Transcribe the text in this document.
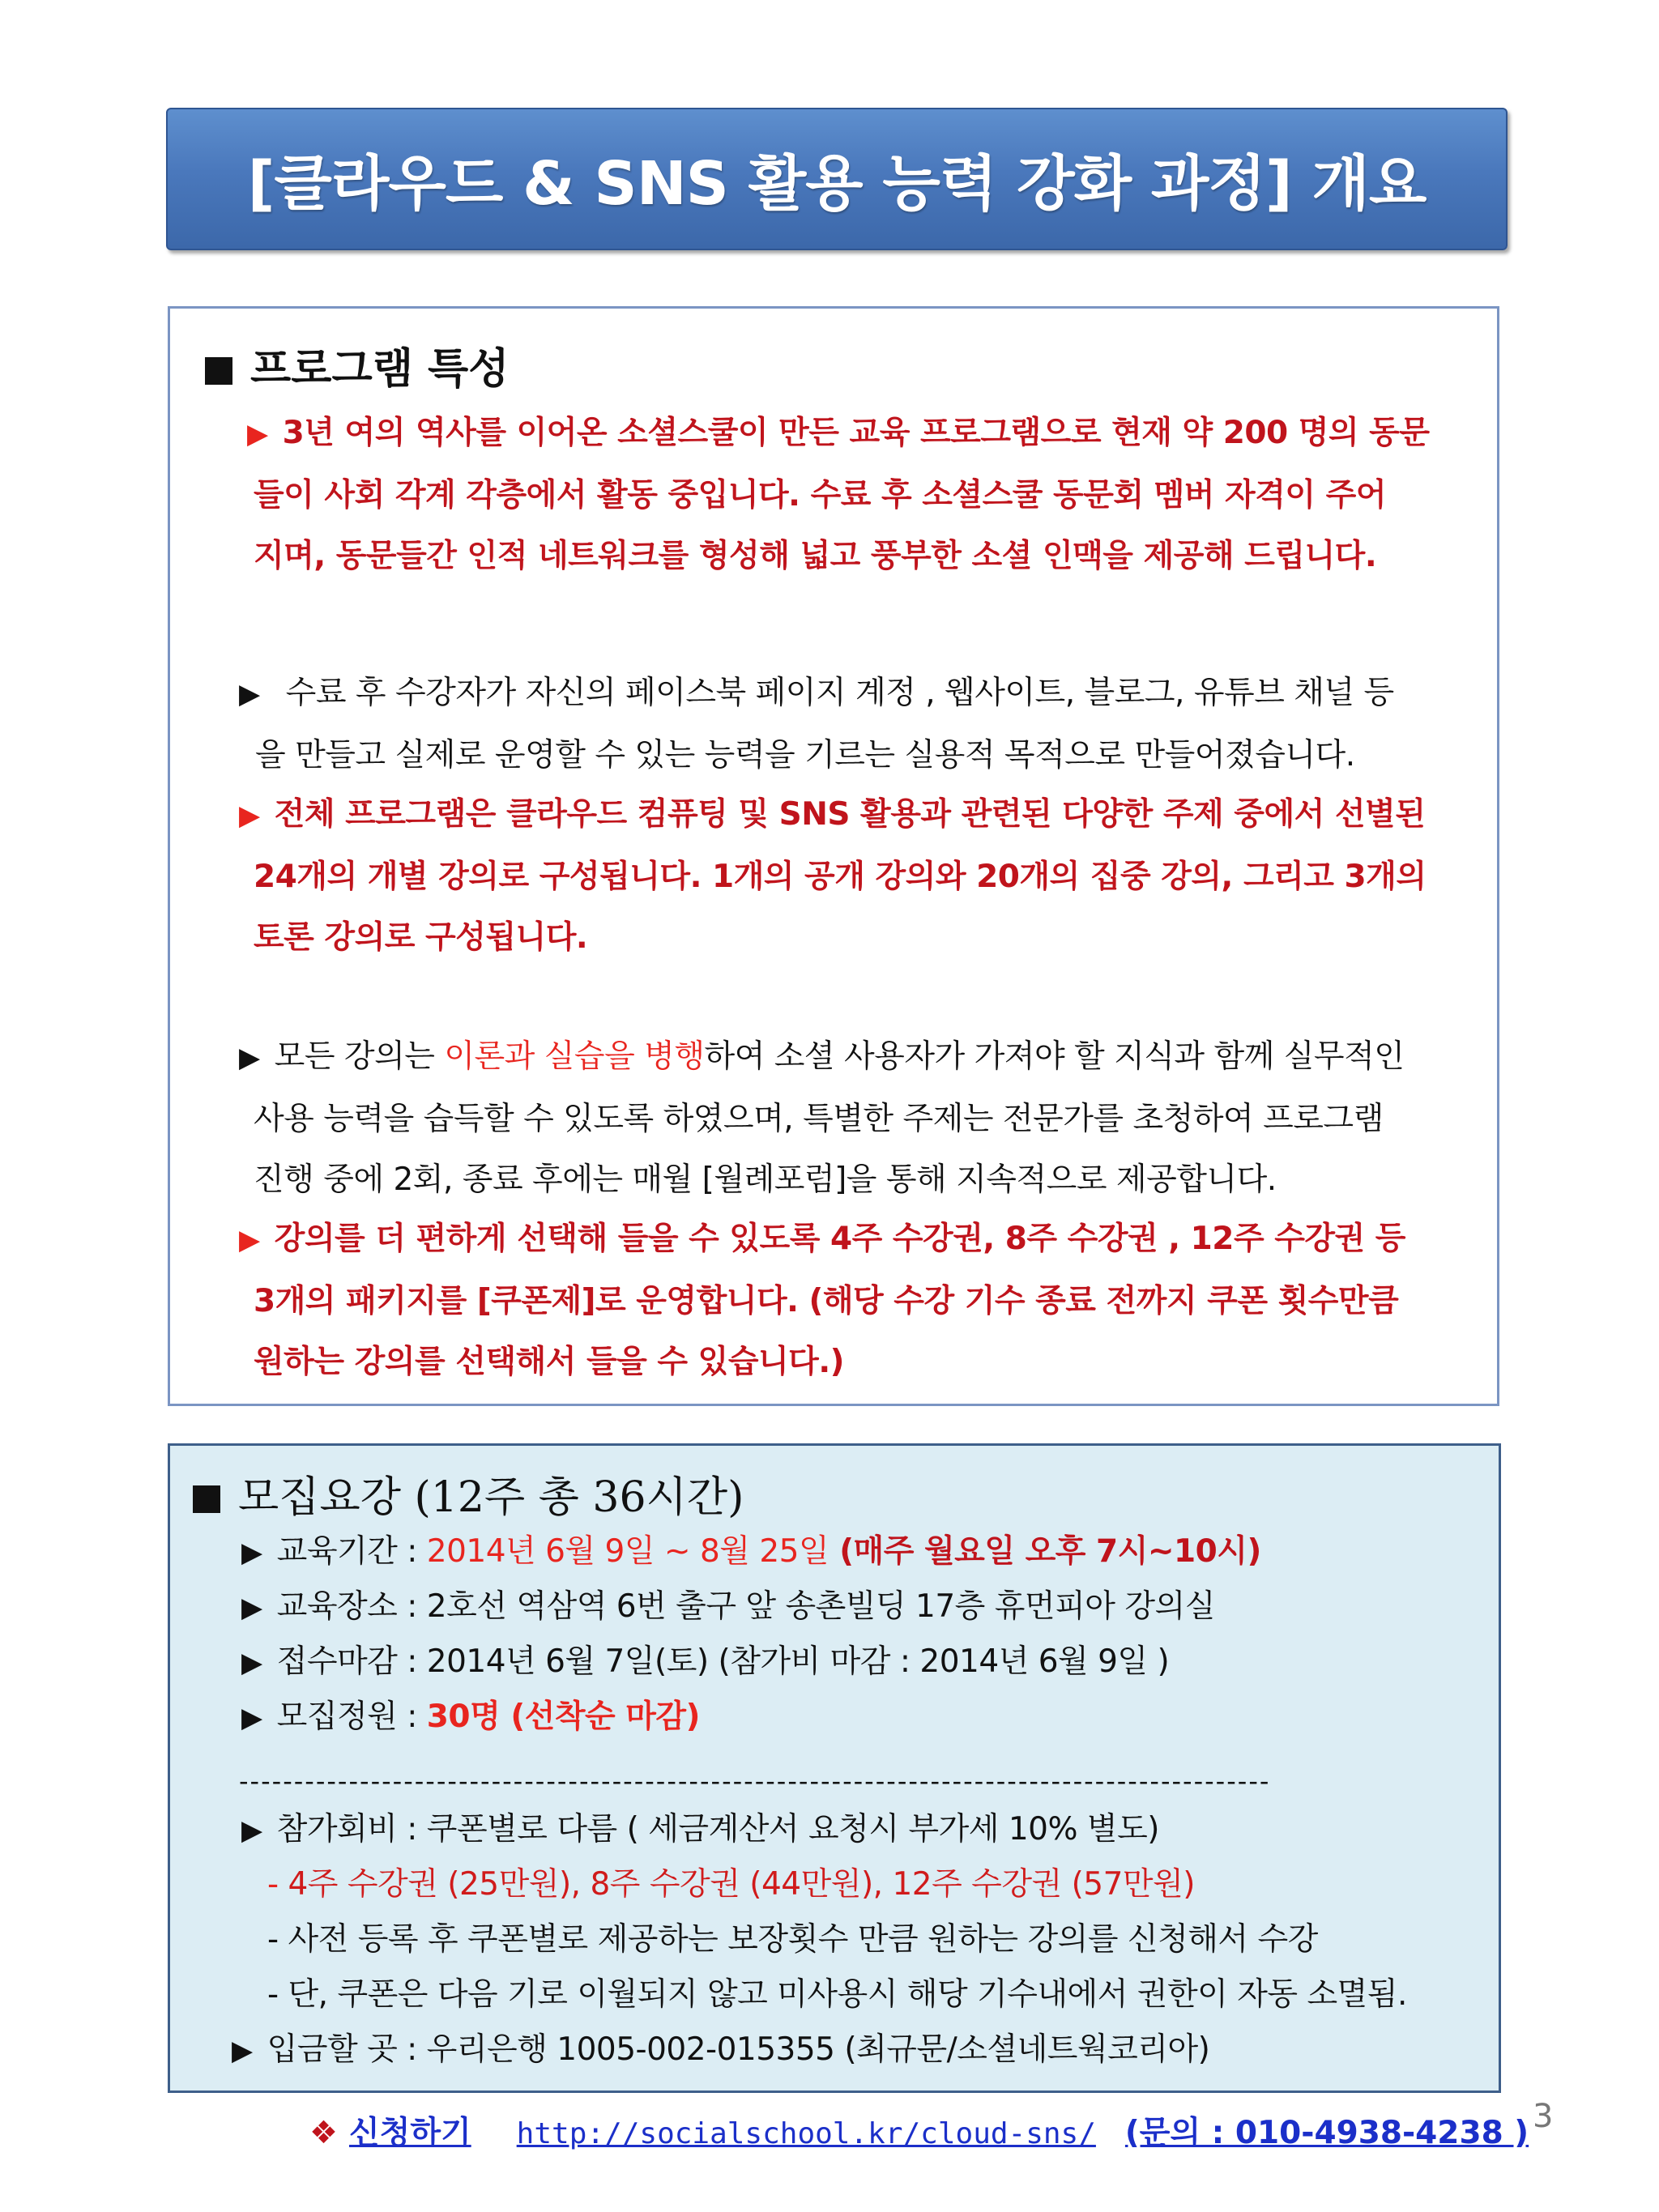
[클라우드 & SNS 활용 능력 강화 과정] 개요
프로그램 특성
▶ 3년 여의 역사를 이어온 소셜스쿨이 만든 교육 프로그램으로 현재 약 200 명의 동문
들이 사회 각계 각층에서 활동 중입니다. 수료 후 소셜스쿨 동문회 멤버 자격이 주어
지며, 동문들간 인적 네트워크를 형성해 넓고 풍부한 소셜 인맥을 제공해 드립니다.
▶ 수료 후 수강자가 자신의 페이스북 페이지 계정 , 웹사이트, 블로그, 유튜브 채널 등
을 만들고 실제로 운영할 수 있는 능력을 기르는 실용적 목적으로 만들어졌습니다.
▶ 전체 프로그램은 클라우드 컴퓨팅 및 SNS 활용과 관련된 다양한 주제 중에서 선별된
24개의 개별 강의로 구성됩니다. 1개의 공개 강의와 20개의 집중 강의, 그리고 3개의
토론 강의로 구성됩니다.
▶ 모든 강의는 이론과 실습을 병행하여 소셜 사용자가 가져야 할 지식과 함께 실무적인
사용 능력을 습득할 수 있도록 하였으며, 특별한 주제는 전문가를 초청하여 프로그램
진행 중에 2회, 종료 후에는 매월 [월례포럼]을 통해 지속적으로 제공합니다.
▶ 강의를 더 편하게 선택해 들을 수 있도록 4주 수강권, 8주 수강권 , 12주 수강권 등
3개의 패키지를 [쿠폰제]로 운영합니다. (해당 수강 기수 종료 전까지 쿠폰 횟수만큼
원하는 강의를 선택해서 들을 수 있습니다.)
모집요강 (12주 총 36시간)
▶ 교육기간 : 2014년 6월 9일 ~ 8월 25일 (매주 월요일 오후 7시~10시)
▶ 교육장소 : 2호선 역삼역 6번 출구 앞 송촌빌딩 17층 휴먼피아 강의실
▶ 접수마감 : 2014년 6월 7일(토) (참가비 마감 : 2014년 6월 9일 )
▶ 모집정원 : 30명 (선착순 마감)
----------------------------------------------------------------------------------------------
▶ 참가회비 : 쿠폰별로 다름 ( 세금계산서 요청시 부가세 10% 별도)
- 4주 수강권 (25만원), 8주 수강권 (44만원), 12주 수강권 (57만원)
- 사전 등록 후 쿠폰별로 제공하는 보장횟수 만큼 원하는 강의를 신청해서 수강
- 단, 쿠폰은 다음 기로 이월되지 않고 미사용시 해당 기수내에서 권한이 자동 소멸됨.
▶ 입금할 곳 : 우리은행 1005-002-015355 (최규문/소셜네트웍코리아)
❖ 신청하기 http://socialschool.kr/cloud-sns/ (문의 : 010-4938-4238 ) 3
